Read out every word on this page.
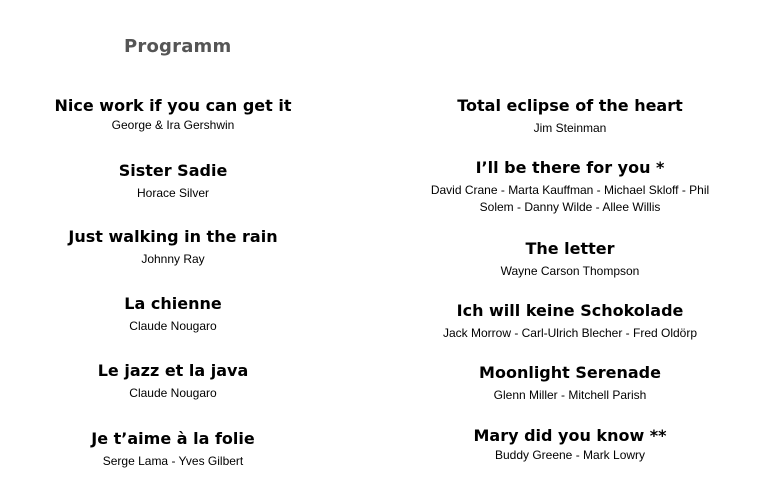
Programm
Nice work if you can get it
George & Ira Gershwin
Sister Sadie
Horace Silver
Just walking in the rain
Johnny Ray
La chienne
Claude Nougaro
Le jazz et la java
Claude Nougaro
Je t’aime à la folie
Serge Lama - Yves Gilbert
Total eclipse of the heart
Jim Steinman
I’ll be there for you *
David Crane - Marta Kauffman - Michael Skloff - Phil Solem - Danny Wilde - Allee Willis
The letter
Wayne Carson Thompson
Ich will keine Schokolade
Jack Morrow - Carl-Ulrich Blecher - Fred Oldörp
Moonlight Serenade
Glenn Miller - Mitchell Parish
Mary did you know **
Buddy Greene - Mark Lowry
